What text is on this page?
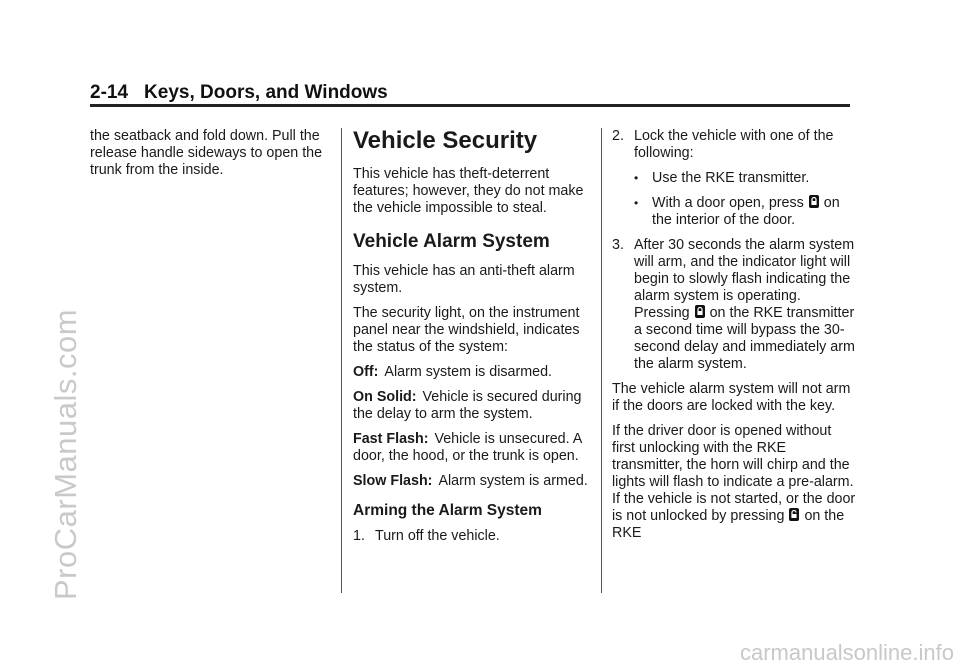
2-14 Keys, Doors, and Windows

the seatback and fold down. Pull the release handle sideways to open the trunk from the inside.

Vehicle Security

This vehicle has theft-deterrent features; however, they do not make the vehicle impossible to steal.

Vehicle Alarm System

This vehicle has an anti-theft alarm system.

The security light, on the instrument panel near the windshield, indicates the status of the system:

Off: Alarm system is disarmed.

On Solid: Vehicle is secured during the delay to arm the system.

Fast Flash: Vehicle is unsecured. A door, the hood, or the trunk is open.

Slow Flash: Alarm system is armed.

Arming the Alarm System
1. Turn off the vehicle.
2. Lock the vehicle with one of the following:
• Use the RKE transmitter.
• With a door open, press on the interior of the door.
3. After 30 seconds the alarm system will arm, and the indicator light will begin to slowly flash indicating the alarm system is operating. Pressing on the RKE transmitter a second time will bypass the 30-second delay and immediately arm the alarm system.

The vehicle alarm system will not arm if the doors are locked with the key.

If the driver door is opened without first unlocking with the RKE transmitter, the horn will chirp and the lights will flash to indicate a pre-alarm. If the vehicle is not started, or the door is not unlocked by pressing on the RKE

ProCarManuals.com
carmanualsonline.info
